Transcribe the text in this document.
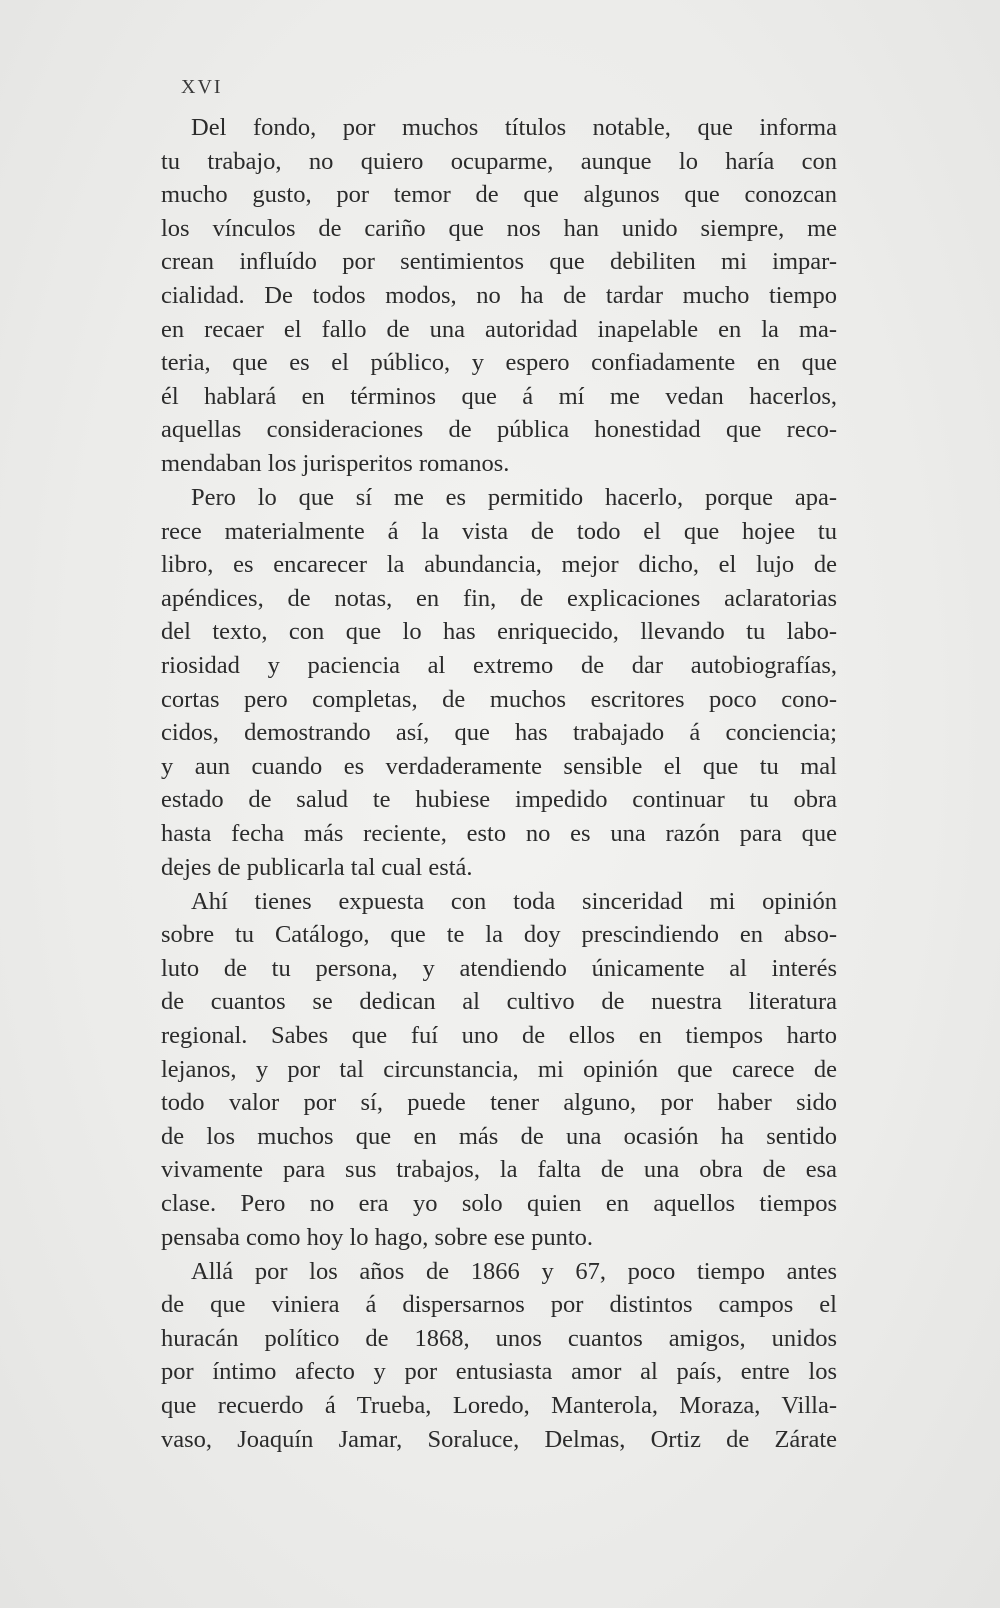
XVI

Del fondo, por muchos títulos notable, que informa
tu trabajo, no quiero ocuparme, aunque lo haría con
mucho gusto, por temor de que algunos que conozcan
los vínculos de cariño que nos han unido siempre, me
crean influído por sentimientos que debiliten mi impar-
cialidad. De todos modos, no ha de tardar mucho tiempo
en recaer el fallo de una autoridad inapelable en la ma-
teria, que es el público, y espero confiadamente en que
él hablará en términos que á mí me vedan hacerlos,
aquellas consideraciones de pública honestidad que reco-
mendaban los jurisperitos romanos.

Pero lo que sí me es permitido hacerlo, porque apa-
rece materialmente á la vista de todo el que hojee tu
libro, es encarecer la abundancia, mejor dicho, el lujo de
apéndices, de notas, en fin, de explicaciones aclaratorias
del texto, con que lo has enriquecido, llevando tu labo-
riosidad y paciencia al extremo de dar autobiografías,
cortas pero completas, de muchos escritores poco cono-
cidos, demostrando así, que has trabajado á conciencia;
y aun cuando es verdaderamente sensible el que tu mal
estado de salud te hubiese impedido continuar tu obra
hasta fecha más reciente, esto no es una razón para que
dejes de publicarla tal cual está.

Ahí tienes expuesta con toda sinceridad mi opinión
sobre tu Catálogo, que te la doy prescindiendo en abso-
luto de tu persona, y atendiendo únicamente al interés
de cuantos se dedican al cultivo de nuestra literatura
regional. Sabes que fuí uno de ellos en tiempos harto
lejanos, y por tal circunstancia, mi opinión que carece de
todo valor por sí, puede tener alguno, por haber sido
de los muchos que en más de una ocasión ha sentido
vivamente para sus trabajos, la falta de una obra de esa
clase. Pero no era yo solo quien en aquellos tiempos
pensaba como hoy lo hago, sobre ese punto.

Allá por los años de 1866 y 67, poco tiempo antes
de que viniera á dispersarnos por distintos campos el
huracán político de 1868, unos cuantos amigos, unidos
por íntimo afecto y por entusiasta amor al país, entre los
que recuerdo á Trueba, Loredo, Manterola, Moraza, Villa-
vaso, Joaquín Jamar, Soraluce, Delmas, Ortiz de Zárate
